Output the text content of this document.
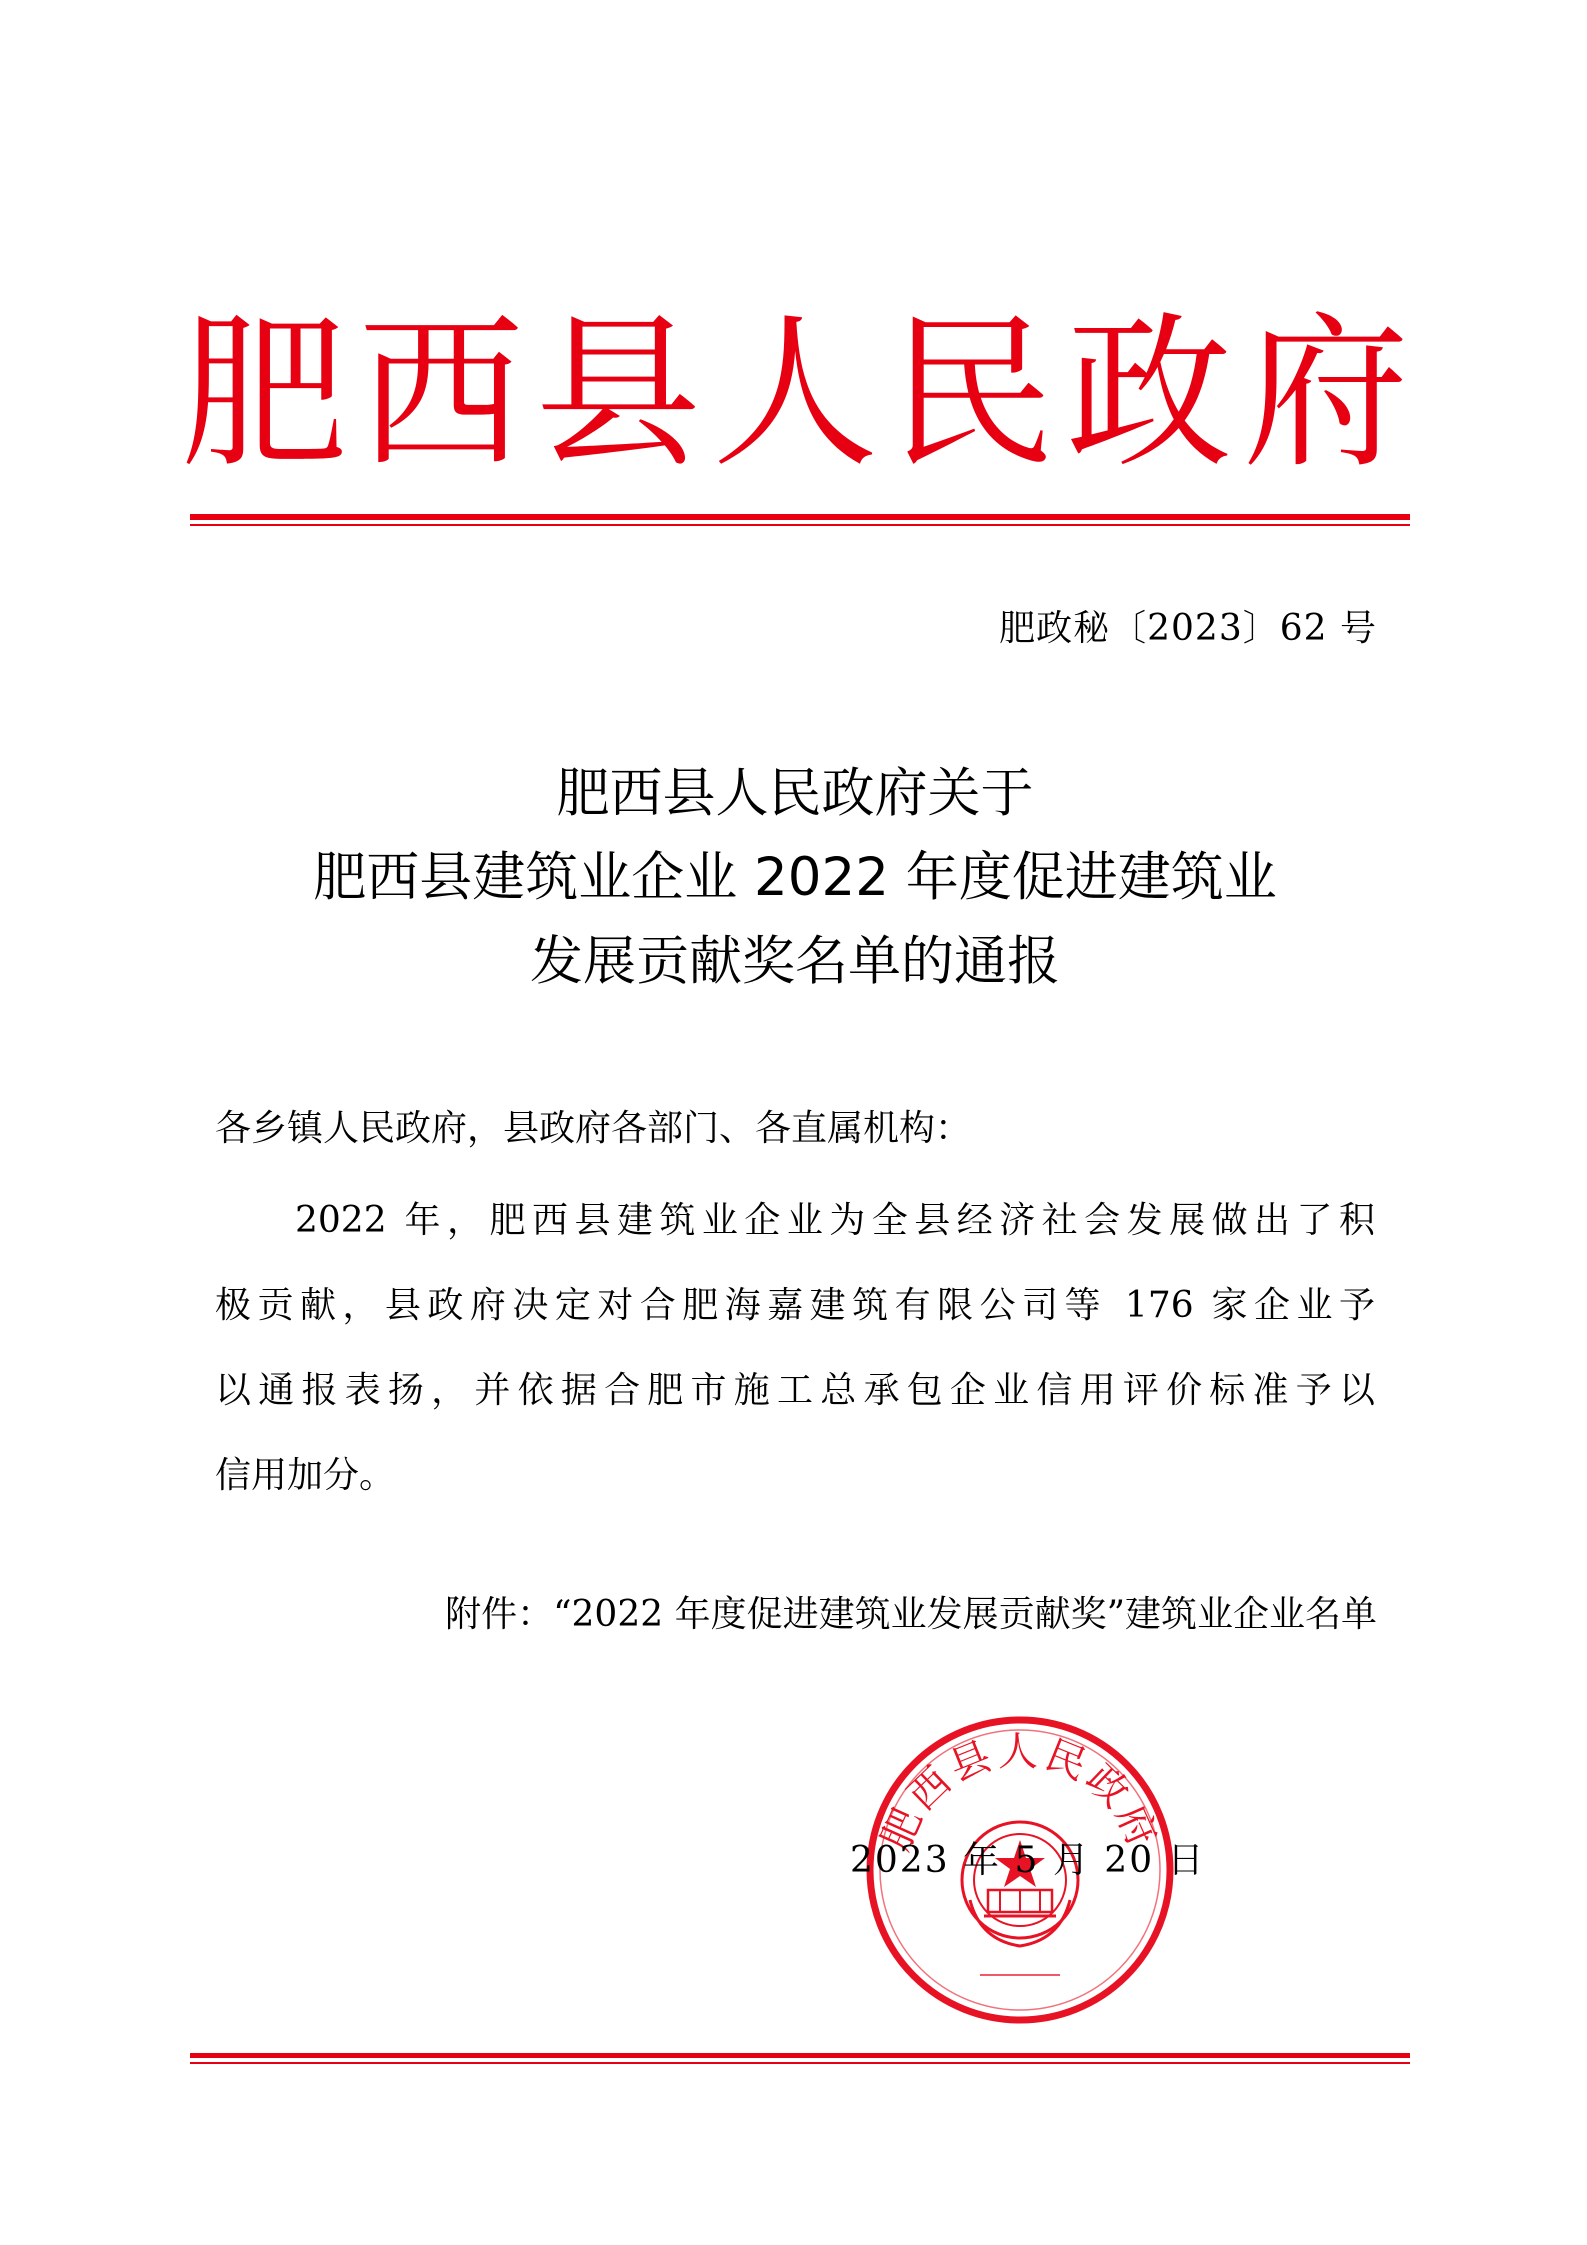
肥 西 县 人 民 政 府
肥政秘〔2023〕62 号
肥西县人民政府关于
肥西县建筑业企业 2022 年度促进建筑业
发展贡献奖名单的通报
各乡镇人民政府，县政府各部门、各直属机构：
2022 年，肥西县建筑业企业为全县经济社会发展做出了积
极贡献，县政府决定对合肥海嘉建筑有限公司等 176 家企业予
以通报表扬，并依据合肥市施工总承包企业信用评价标准予以
信用加分。
附件：“2022 年度促进建筑业发展贡献奖”建筑业企业名单
肥西县人民政府
2023 年 5 月 20 日
